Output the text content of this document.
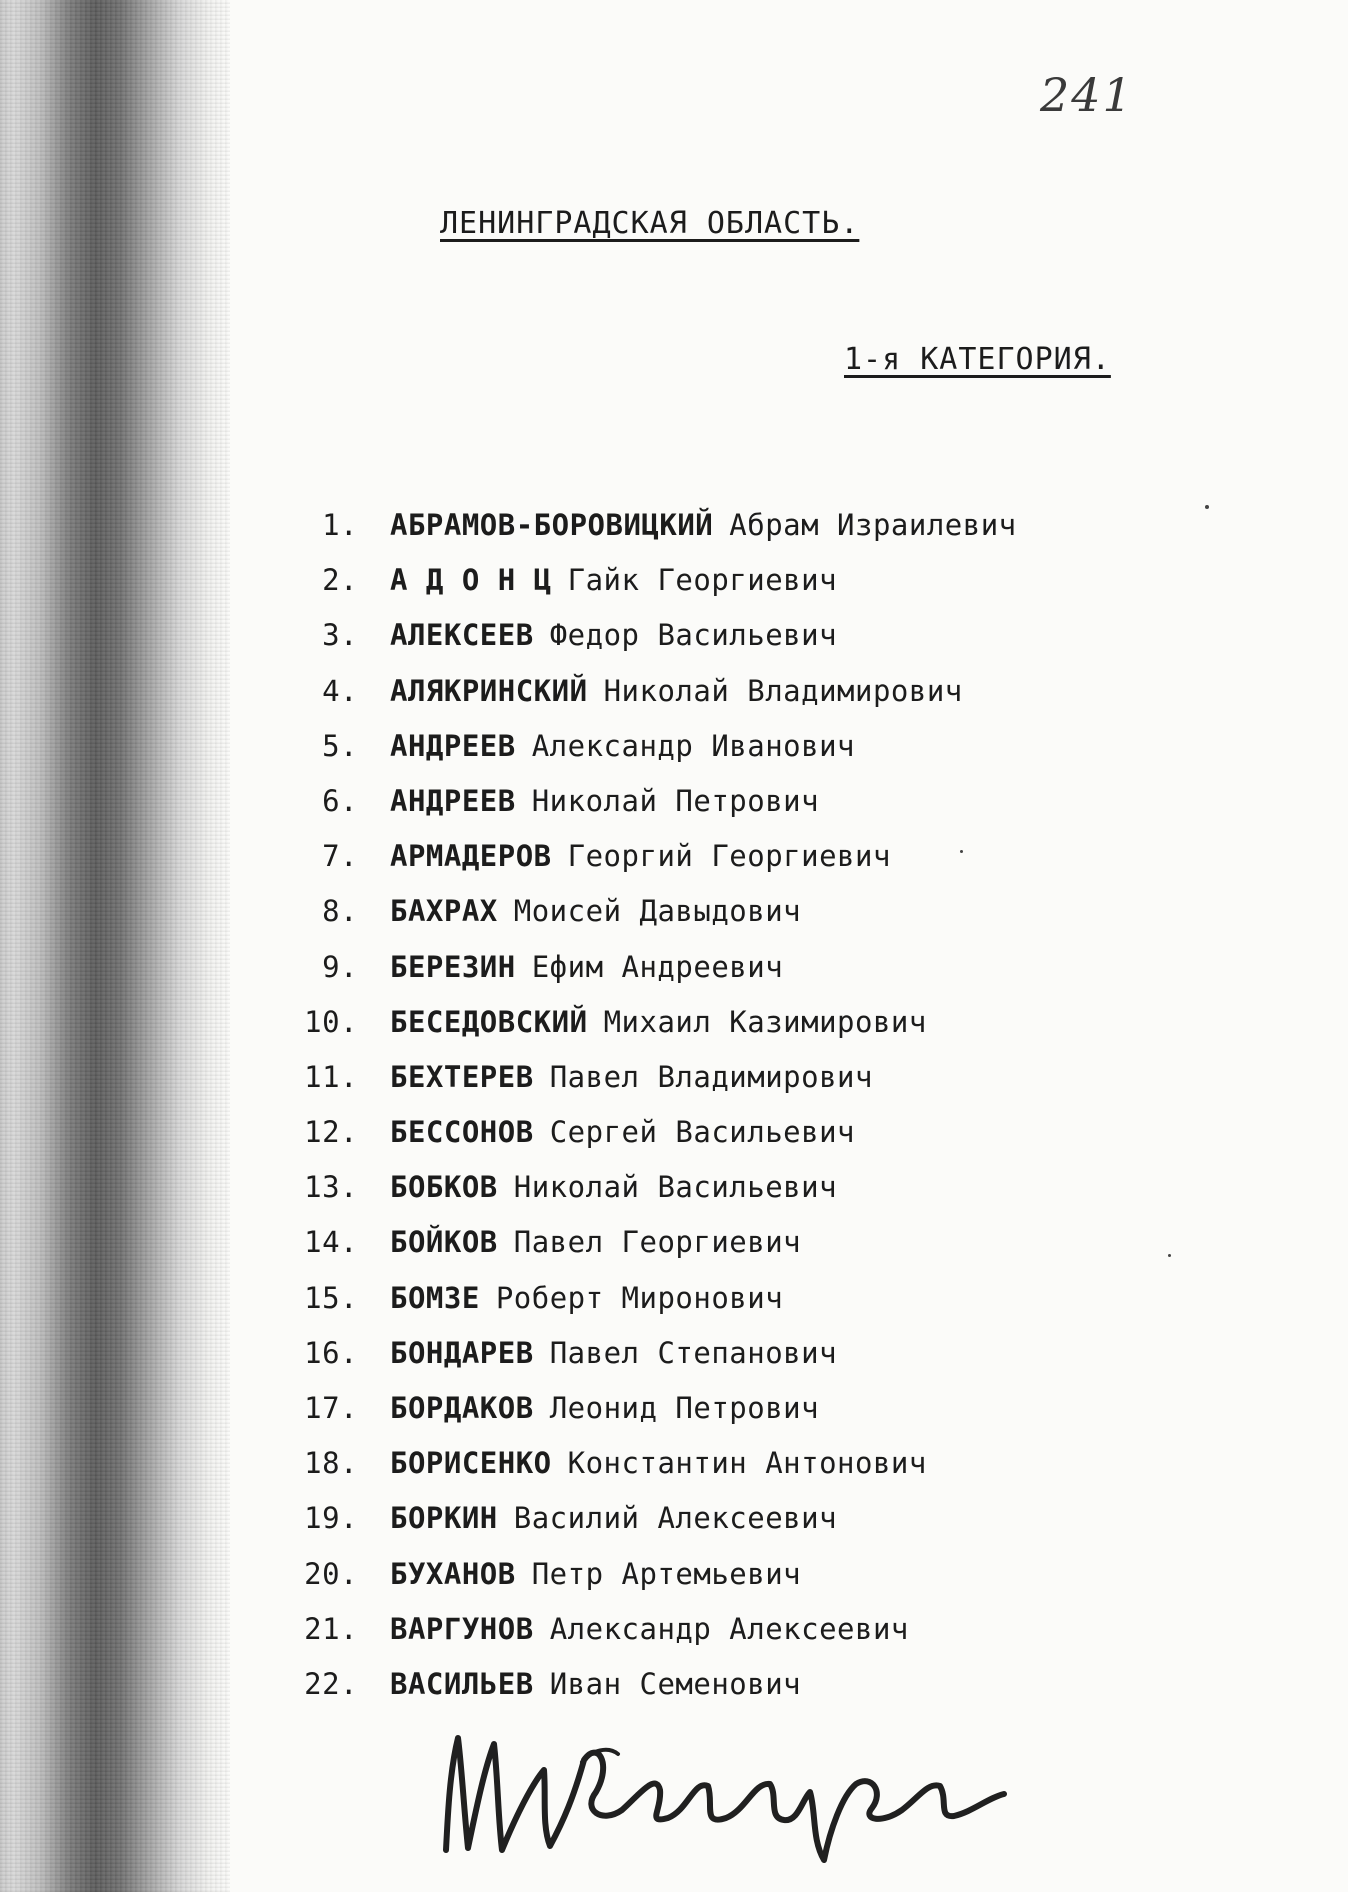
241
ЛЕНИНГРАДСКАЯ ОБЛАСТЬ.
1-я КАТЕГОРИЯ.
1.	АБРАМОВ-БОРОВИЦКИЙ Абрам Израилевич
2.	А Д О Н Ц Гайк Георгиевич
3.	АЛЕКСЕЕВ Федор Васильевич
4.	АЛЯКРИНСКИЙ Николай Владимирович
5.	АНДРЕЕВ Александр Иванович
6.	АНДРЕЕВ Николай Петрович
7.	АРМАДЕРОВ Георгий Георгиевич
8.	БАХРАХ Моисей Давыдович
9.	БЕРЕЗИН Ефим Андреевич
10.	БЕСЕДОВСКИЙ Михаил Казимирович
11.	БЕХТЕРЕВ Павел Владимирович
12.	БЕССОНОВ Сергей Васильевич
13.	БОБКОВ Николай Васильевич
14.	БОЙКОВ Павел Георгиевич
15.	БОМЗЕ Роберт Миронович
16.	БОНДАРЕВ Павел Степанович
17.	БОРДАКОВ Леонид Петрович
18.	БОРИСЕНКО Константин Антонович
19.	БОРКИН Василий Алексеевич
20.	БУХАНОВ Петр Артемьевич
21.	ВАРГУНОВ Александр Алексеевич
22.	ВАСИЛЬЕВ Иван Семенович
